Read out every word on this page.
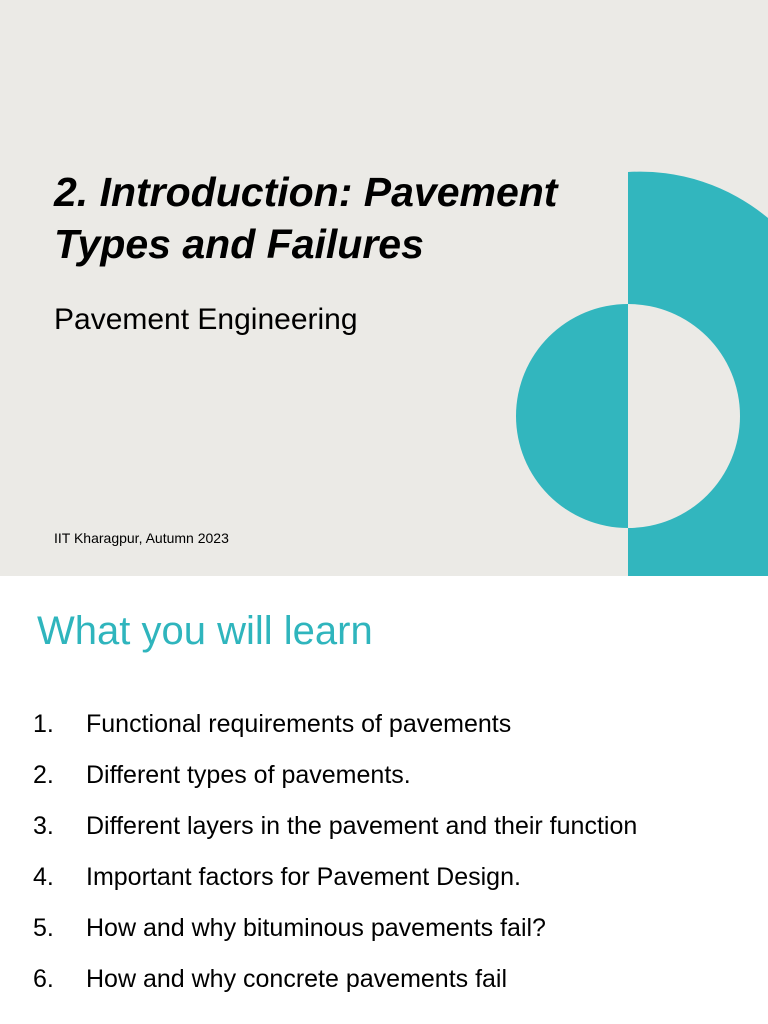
2. Introduction: Pavement Types and Failures
Pavement Engineering

IIT Kharagpur, Autumn 2023

What you will learn
1. Functional requirements of pavements
2. Different types of pavements.
3. Different layers in the pavement and their function
4. Important factors for Pavement Design.
5. How and why bituminous pavements fail?
6. How and why concrete pavements fail
